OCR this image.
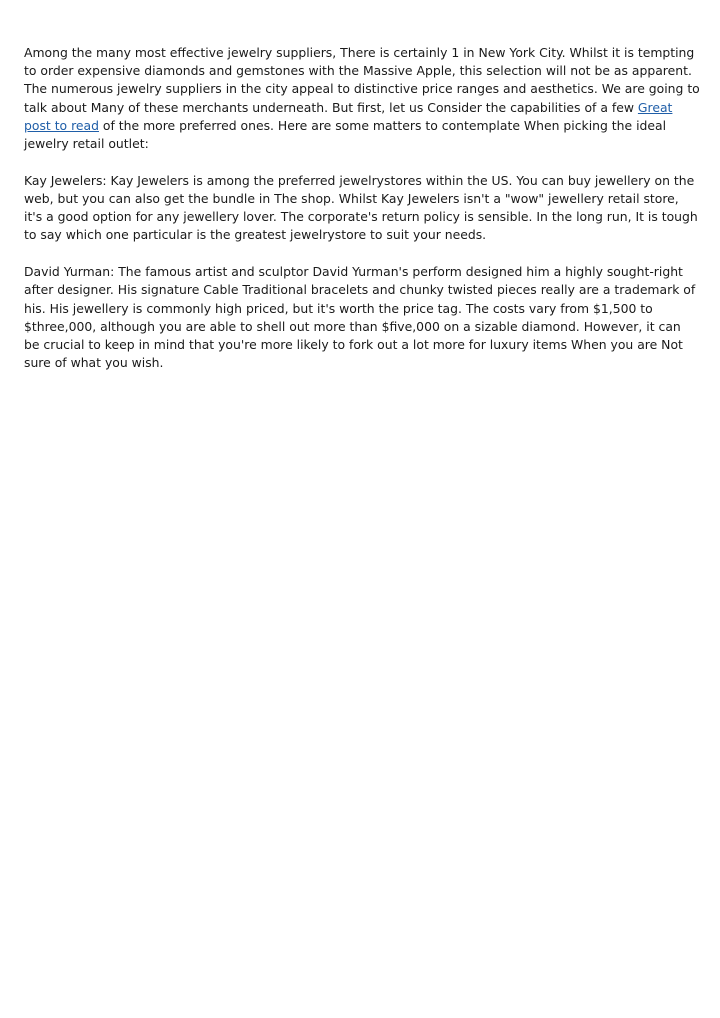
Among the many most effective jewelry suppliers, There is certainly 1 in New York City. Whilst it is tempting to order expensive diamonds and gemstones with the Massive Apple, this selection will not be as apparent. The numerous jewelry suppliers in the city appeal to distinctive price ranges and aesthetics. We are going to talk about Many of these merchants underneath. But first, let us Consider the capabilities of a few Great post to read of the more preferred ones. Here are some matters to contemplate When picking the ideal jewelry retail outlet:

Kay Jewelers: Kay Jewelers is among the preferred jewelrystores within the US. You can buy jewellery on the web, but you can also get the bundle in The shop. Whilst Kay Jewelers isn't a "wow" jewellery retail store, it's a good option for any jewellery lover. The corporate's return policy is sensible. In the long run, It is tough to say which one particular is the greatest jewelrystore to suit your needs.

David Yurman: The famous artist and sculptor David Yurman's perform designed him a highly sought-right after designer. His signature Cable Traditional bracelets and chunky twisted pieces really are a trademark of his. His jewellery is commonly high priced, but it's worth the price tag. The costs vary from $1,500 to $three,000, although you are able to shell out more than $five,000 on a sizable diamond. However, it can be crucial to keep in mind that you're more likely to fork out a lot more for luxury items When you are Not sure of what you wish.
